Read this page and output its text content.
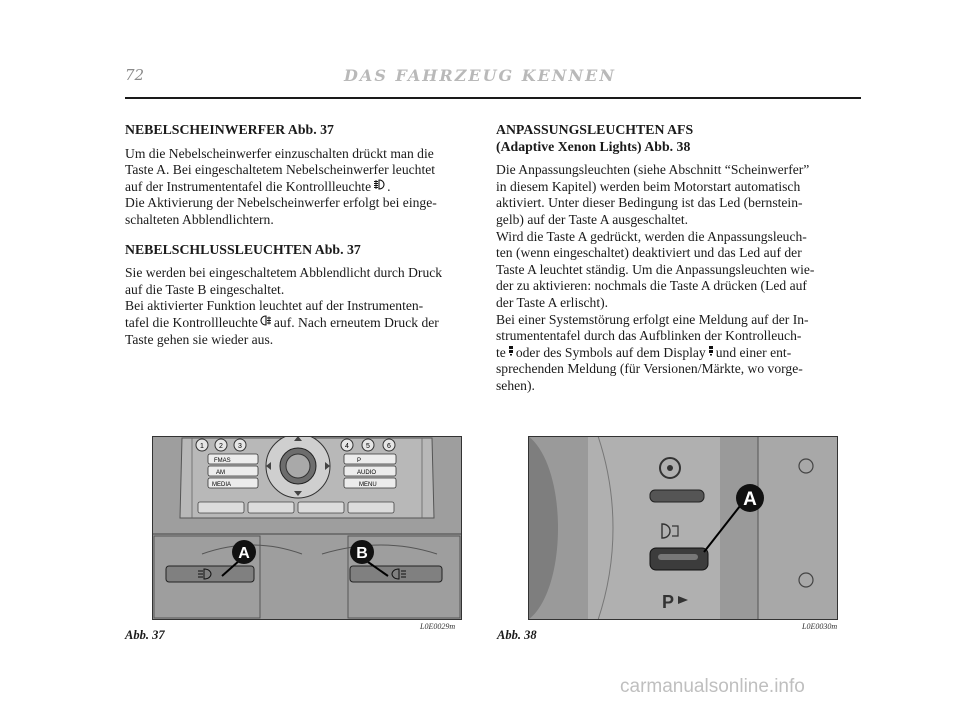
72	DAS FAHRZEUG KENNEN
NEBELSCHEINWERFER Abb. 37

Um die Nebelscheinwerfer einzuschalten drückt man die
Taste A. Bei eingeschaltetem Nebelscheinwerfer leuchtet
auf der Instrumententafel die Kontrollleuchte .
Die Aktivierung der Nebelscheinwerfer erfolgt bei einge-
schalteten Abblendlichtern.

NEBELSCHLUSSLEUCHTEN Abb. 37

Sie werden bei eingeschaltetem Abblendlicht durch Druck
auf die Taste B eingeschaltet.
Bei aktivierter Funktion leuchtet auf der Instrumenten-
tafel die Kontrollleuchte auf. Nach erneutem Druck der
Taste gehen sie wieder aus.

ANPASSUNGSLEUCHTEN AFS
(Adaptive Xenon Lights) Abb. 38

Die Anpassungsleuchten (siehe Abschnitt “Scheinwerfer”
in diesem Kapitel) werden beim Motorstart automatisch
aktiviert. Unter dieser Bedingung ist das Led (bernstein-
gelb) auf der Taste A ausgeschaltet.
Wird die Taste A gedrückt, werden die Anpassungsleuch-
ten (wenn eingeschaltet) deaktiviert und das Led auf der
Taste A leuchtet ständig. Um die Anpassungsleuchten wie-
der zu aktivieren: nochmals die Taste A drücken (Led auf
der Taste A erlischt).
Bei einer Systemstörung erfolgt eine Meldung auf der In-
strumententafel durch das Aufblinken der Kontrolleuch-
te oder des Symbols auf dem Display und einer ent-
sprechenden Meldung (für Versionen/Märkte, wo vorge-
sehen).

1 2 3	4 5 6
FMAS
AM
MEDIA
P
AUDIO
MENU
A	B
Abb. 37
L0E0029m
P
A
Abb. 38
L0E0030m
carmanualsonline.info
